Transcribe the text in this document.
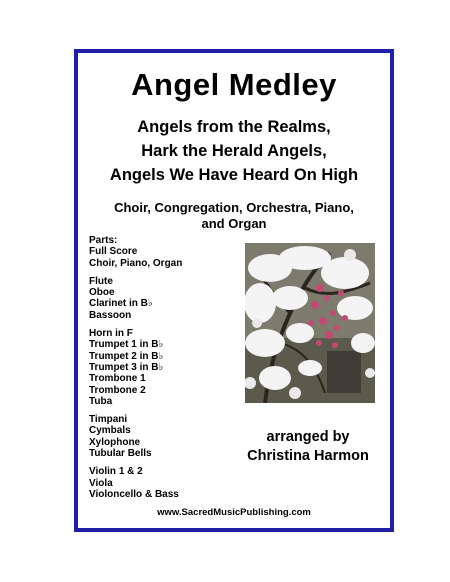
Angel Medley
Angels from the Realms,
Hark the Herald Angels,
Angels We Have Heard On High
Choir, Congregation, Orchestra, Piano,
and Organ
Parts:
Full Score
Choir, Piano, Organ
Flute
Oboe
Clarinet in B♭
Bassoon
Horn in F
Trumpet 1 in B♭
Trumpet 2 in B♭
Trumpet 3 in B♭
Trombone 1
Trombone 2
Tuba
Timpani
Cymbals
Xylophone
Tubular Bells
Violin 1 & 2
Viola
Violoncello & Bass
arranged by
Christina Harmon
www.SacredMusicPublishing.com
